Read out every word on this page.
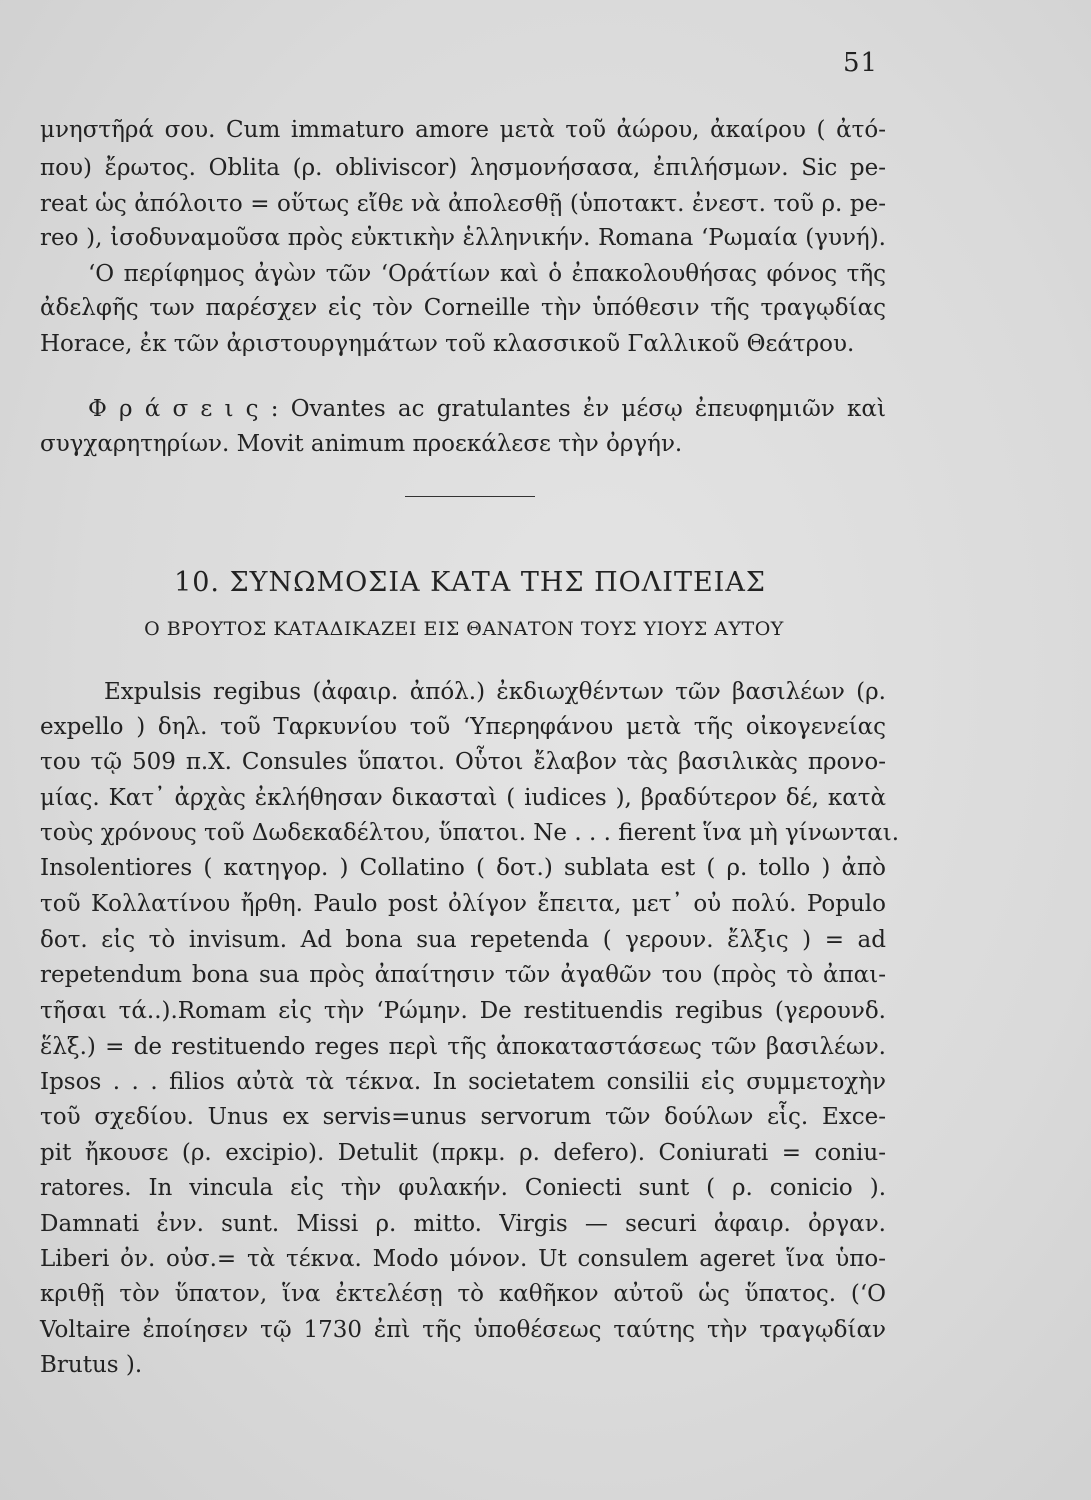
51
μνηστῆρά σου. Cum immaturo amore μετὰ τοῦ ἀώρου, ἀκαίρου ( ἀτό-
που) ἔρωτος. Oblita (ρ. obliviscor) λησμονήσασα, ἐπιλήσμων. Sic pe-
reat ὡς ἀπόλοιτο = οὕτως εἴθε νὰ ἀπολεσθῇ (ὑποτακτ. ἐνεστ. τοῦ ρ. pe-
reo ), ἰσοδυναμοῦσα πρὸς εὐκτικὴν ἑλληνικήν. Romana ‘Ρωμαία (γυνή).
‘Ο περίφημος ἀγὼν τῶν ‘Οράτίων καὶ ὁ ἐπακολουθήσας φόνος τῆς
ἀδελφῆς των παρέσχεν εἰς τὸν Corneille τὴν ὑπόθεσιν τῆς τραγῳδίας
Horace, ἐκ τῶν ἀριστουργημάτων τοῦ κλασσικοῦ Γαλλικοῦ Θεάτρου.
Φ ρ ά σ ε ι ς : Ovantes ac gratulantes ἐν μέσῳ ἐπευφημιῶν καὶ
συγχαρητηρίων. Movit animum προεκάλεσε τὴν ὀργήν.
10. ΣΥΝΩΜΟΣΙΑ ΚΑΤΑ ΤΗΣ ΠΟΛΙΤΕΙΑΣ
Ο ΒΡΟΥΤΟΣ ΚΑΤΑΔΙΚΑΖΕΙ ΕΙΣ ΘΑΝΑΤΟΝ ΤΟΥΣ ΥΙΟΥΣ ΑΥΤΟΥ
Expulsis regibus (ἀφαιρ. ἀπόλ.) ἐκδιωχθέντων τῶν βασιλέων (ρ.
expello ) δηλ. τοῦ Ταρκυνίου τοῦ ‘Υπερηφάνου μετὰ τῆς οἰκογενείας
του τῷ 509 π.Χ. Consules ὕπατοι. Οὗτοι ἔλαβον τὰς βασιλικὰς προνο-
μίας. Κατ᾽ ἀρχὰς ἐκλήθησαν δικασταὶ ( iudices ), βραδύτερον δέ, κατὰ
τοὺς χρόνους τοῦ Δωδεκαδέλτου, ὕπατοι. Ne . . . fierent ἵνα μὴ γίνωνται.
Insolentiores ( κατηγορ. ) Collatino ( δοτ.) sublata est ( ρ. tollo ) ἀπὸ
τοῦ Κολλατίνου ἤρθη. Paulo post ὀλίγον ἔπειτα, μετ᾽ οὐ πολύ. Populo
δοτ. εἰς τὸ invisum. Ad bona sua repetenda ( γερουν. ἔλξις ) = ad
repetendum bona sua πρὸς ἀπαίτησιν τῶν ἀγαθῶν του (πρὸς τὸ ἀπαι-
τῆσαι τά..).Romam εἰς τὴν ‘Ρώμην. De restituendis regibus (γερουνδ.
ἕλξ.) = de restituendo reges περὶ τῆς ἀποκαταστάσεως τῶν βασιλέων.
Ipsos . . . filios αὐτὰ τὰ τέκνα. In societatem consilii εἰς συμμετοχὴν
τοῦ σχεδίου. Unus ex servis=unus servorum τῶν δούλων εἷς. Exce-
pit ἤκουσε (ρ. excipio). Detulit (πρκμ. ρ. defero). Coniurati = coniu-
ratores. In vincula εἰς τὴν φυλακήν. Coniecti sunt ( ρ. conicio ).
Damnati ἐνν. sunt. Missi ρ. mitto. Virgis — securi ἀφαιρ. ὀργαν.
Liberi ὀν. οὐσ.= τὰ τέκνα. Modo μόνον. Ut consulem ageret ἵνα ὑπο-
κριθῇ τὸν ὕπατον, ἵνα ἐκτελέσῃ τὸ καθῆκον αὐτοῦ ὡς ὕπατος. (‘Ο
Voltaire ἐποίησεν τῷ 1730 ἐπὶ τῆς ὑποθέσεως ταύτης τὴν τραγῳδίαν
Brutus ).
